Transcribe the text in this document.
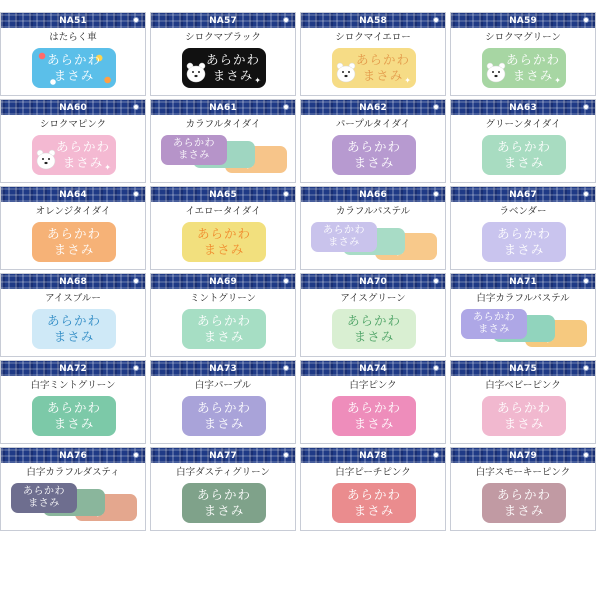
NA51
はたらく車
あらかわ
まさみ
NA57
シロクマブラック
✦
あらかわ
まさみ
NA58
シロクマイエロー
✦
あらかわ
まさみ
NA59
シロクマグリーン
✦
あらかわ
まさみ
NA60
シロクマピンク
✦
あらかわ
まさみ
NA61
カラフルタイダイ
あらかわ
まさみ
NA62
パープルタイダイ
あらかわ
まさみ
NA63
グリーンタイダイ
あらかわ
まさみ
NA64
オレンジタイダイ
あらかわ
まさみ
NA65
イエロータイダイ
あらかわ
まさみ
NA66
カラフルパステル
あらかわ
まさみ
NA67
ラベンダー
あらかわ
まさみ
NA68
アイスブルー
あらかわ
まさみ
NA69
ミントグリーン
あらかわ
まさみ
NA70
アイスグリーン
あらかわ
まさみ
NA71
白字カラフルパステル
あらかわ
まさみ
NA72
白字ミントグリーン
あらかわ
まさみ
NA73
白字パープル
あらかわ
まさみ
NA74
白字ピンク
あらかわ
まさみ
NA75
白字ベビーピンク
あらかわ
まさみ
NA76
白字カラフルダスティ
あらかわ
まさみ
NA77
白字ダスティグリーン
あらかわ
まさみ
NA78
白字ピーチピンク
あらかわ
まさみ
NA79
白字スモーキーピンク
あらかわ
まさみ
